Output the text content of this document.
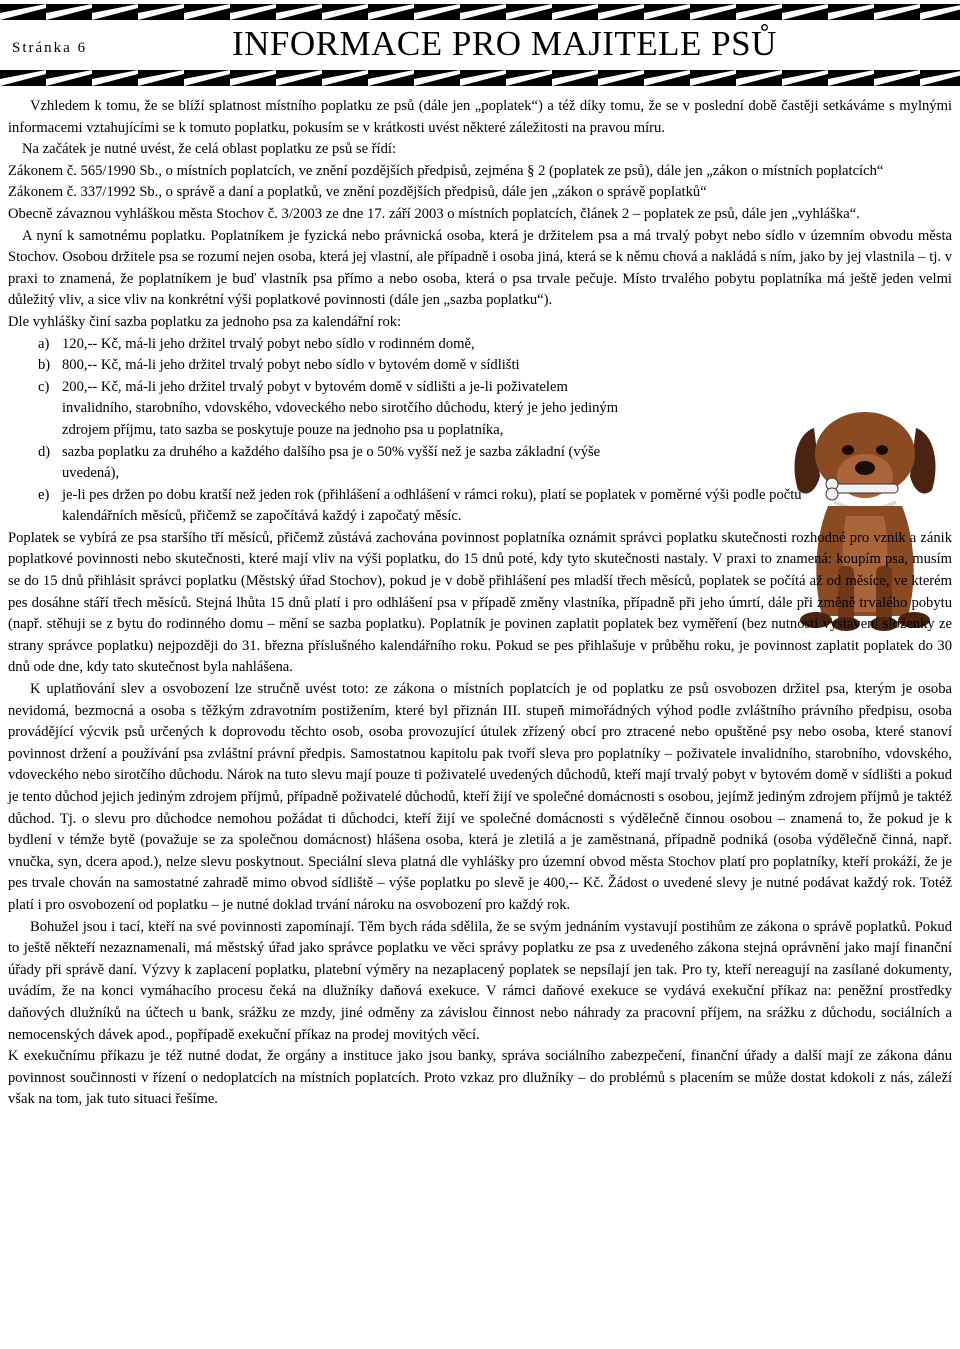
Stránka 6	INFORMACE PRO MAJITELE PSŮ

Vzhledem k tomu, že se blíží splatnost místního poplatku ze psů (dále jen „poplatek“) a též díky tomu, že se v poslední době častěji setkáváme s mylnými informacemi vztahujícími se k tomuto poplatku, pokusím se v krátkosti uvést některé záležitosti na pravou míru.

Na začátek je nutné uvést, že celá oblast poplatku ze psů se řídí:

Zákonem č. 565/1990 Sb., o místních poplatcích, ve znění pozdějších předpisů, zejména § 2 (poplatek ze psů), dále jen „zákon o místních poplatcích“

Zákonem č. 337/1992 Sb., o správě a daní a poplatků, ve znění pozdějších předpisů, dále jen „zákon o správě poplatků“

Obecně závaznou vyhláškou města Stochov č. 3/2003 ze dne 17. září 2003 o místních poplatcích, článek 2 – poplatek ze psů, dále jen „vyhláška“.

A nyní k samotnému poplatku. Poplatníkem je fyzická nebo právnická osoba, která je držitelem psa a má trvalý pobyt nebo sídlo v územním obvodu města Stochov. Osobou držitele psa se rozumí nejen osoba, která jej vlastní, ale případně i osoba jiná, která se k němu chová a nakládá s ním, jako by jej vlastnila – tj. v praxi to znamená, že poplatníkem je buď vlastník psa přímo a nebo osoba, která o psa trvale pečuje. Místo trvalého pobytu poplatníka má ještě jeden velmi důležitý vliv, a sice vliv na konkrétní výši poplatkové povinnosti (dále jen „sazba poplatku“).

Dle vyhlášky činí sazba poplatku za jednoho psa za kalendářní rok:

a) 120,-- Kč, má-li jeho držitel trvalý pobyt nebo sídlo v rodinném domě,
b) 800,-- Kč, má-li jeho držitel trvalý pobyt nebo sídlo v bytovém domě v sídlišti
c) 200,-- Kč, má-li jeho držitel trvalý pobyt v bytovém domě v sídlišti a je-li poživatelem invalidního, starobního, vdovského, vdoveckého nebo sirotčího důchodu, který je jeho jediným zdrojem příjmu, tato sazba se poskytuje pouze na jednoho psa u poplatníka,
d) sazba poplatku za druhého a každého dalšího psa je o 50% vyšší než je sazba základní (výše uvedená),
e) je-li pes držen po dobu kratší než jeden rok (přihlášení a odhlášení v rámci roku), platí se poplatek v poměrné výši podle počtu kalendářních měsíců, přičemž se započítává každý i započatý měsíc.

Poplatek se vybírá ze psa staršího tří měsíců, přičemž zůstává zachována povinnost poplatníka oznámit správci poplatku skutečnosti rozhodné pro vznik a zánik poplatkové povinnosti nebo skutečnosti, které mají vliv na výši poplatku, do 15 dnů poté, kdy tyto skutečnosti nastaly. V praxi to znamená: koupím psa, musím se do 15 dnů přihlásit správci poplatku (Městský úřad Stochov), pokud je v době přihlášení pes mladší třech měsíců, poplatek se počítá až od měsíce, ve kterém pes dosáhne stáří třech měsíců. Stejná lhůta 15 dnů platí i pro odhlášení psa v případě změny vlastníka, případně při jeho úmrtí, dále při změně trvalého pobytu (např. stěhuji se z bytu do rodinného domu – mění se sazba poplatku). Poplatník je povinen zaplatit poplatek bez vyměření (bez nutnosti vystavení složenky ze strany správce poplatku) nejpozději do 31. března příslušného kalendářního roku. Pokud se pes přihlašuje v průběhu roku, je povinnost zaplatit poplatek do 30 dnů ode dne, kdy tato skutečnost byla nahlášena.

K uplatňování slev a osvobození lze stručně uvést toto: ze zákona o místních poplatcích je od poplatku ze psů osvobozen držitel psa, kterým je osoba nevidomá, bezmocná a osoba s těžkým zdravotním postižením, které byl přiznán III. stupeň mimořádných výhod podle zvláštního právního předpisu, osoba provádějící výcvik psů určených k doprovodu těchto osob, osoba provozující útulek zřízený obcí pro ztracené nebo opuštěné psy nebo osoba, které stanoví povinnost držení a používání psa zvláštní právní předpis. Samostatnou kapitolu pak tvoří sleva pro poplatníky – poživatele invalidního, starobního, vdovského, vdoveckého nebo sirotčího důchodu. Nárok na tuto slevu mají pouze ti poživatelé uvedených důchodů, kteří mají trvalý pobyt v bytovém domě v sídlišti a pokud je tento důchod jejich jediným zdrojem příjmů, případně poživatelé důchodů, kteří žijí ve společné domácnosti s osobou, jejímž jediným zdrojem příjmů je taktéž důchod. Tj. o slevu pro důchodce nemohou požádat ti důchodci, kteří žijí ve společné domácnosti s výdělečně činnou osobou – znamená to, že pokud je k bydlení v témže bytě (považuje se za společnou domácnost) hlášena osoba, která je zletilá a je zaměstnaná, případně podniká (osoba výdělečně činná, např. vnučka, syn, dcera apod.), nelze slevu poskytnout. Speciální sleva platná dle vyhlášky pro územní obvod města Stochov platí pro poplatníky, kteří prokáží, že je pes trvale chován na samostatné zahradě mimo obvod sídliště – výše poplatku po slevě je 400,-- Kč. Žádost o uvedené slevy je nutné podávat každý rok. Totéž platí i pro osvobození od poplatku – je nutné doklad trvání nároku na osvobození pro každý rok.

Bohužel jsou i tací, kteří na své povinnosti zapomínají. Těm bych ráda sdělila, že se svým jednáním vystavují postihům ze zákona o správě poplatků. Pokud to ještě někteří nezaznamenali, má městský úřad jako správce poplatku ve věci správy poplatku ze psa z uvedeného zákona stejná oprávnění jako mají finanční úřady při správě daní. Výzvy k zaplacení poplatku, platební výměry na nezaplacený poplatek se nepsílají jen tak. Pro ty, kteří nereagují na zasílané dokumenty, uvádím, že na konci vymáhacího procesu čeká na dlužníky daňová exekuce. V rámci daňové exekuce se vydává exekuční příkaz na: peněžní prostředky daňových dlužníků na účtech u bank, srážku ze mzdy, jiné odměny za závislou činnost nebo náhrady za pracovní příjem, na srážku z důchodu, sociálních a nemocenských dávek apod., popřípadě exekuční příkaz na prodej movitých věcí.

K exekučnímu příkazu je též nutné dodat, že orgány a instituce jako jsou banky, správa sociálního zabezpečení, finanční úřady a další mají ze zákona dánu povinnost součinnosti v řízení o nedoplatcích na místních poplatcích. Proto vzkaz pro dlužníky – do problémů s placením se může dostat kdokoli z nás, záleží však na tom, jak tuto situaci řešíme.
